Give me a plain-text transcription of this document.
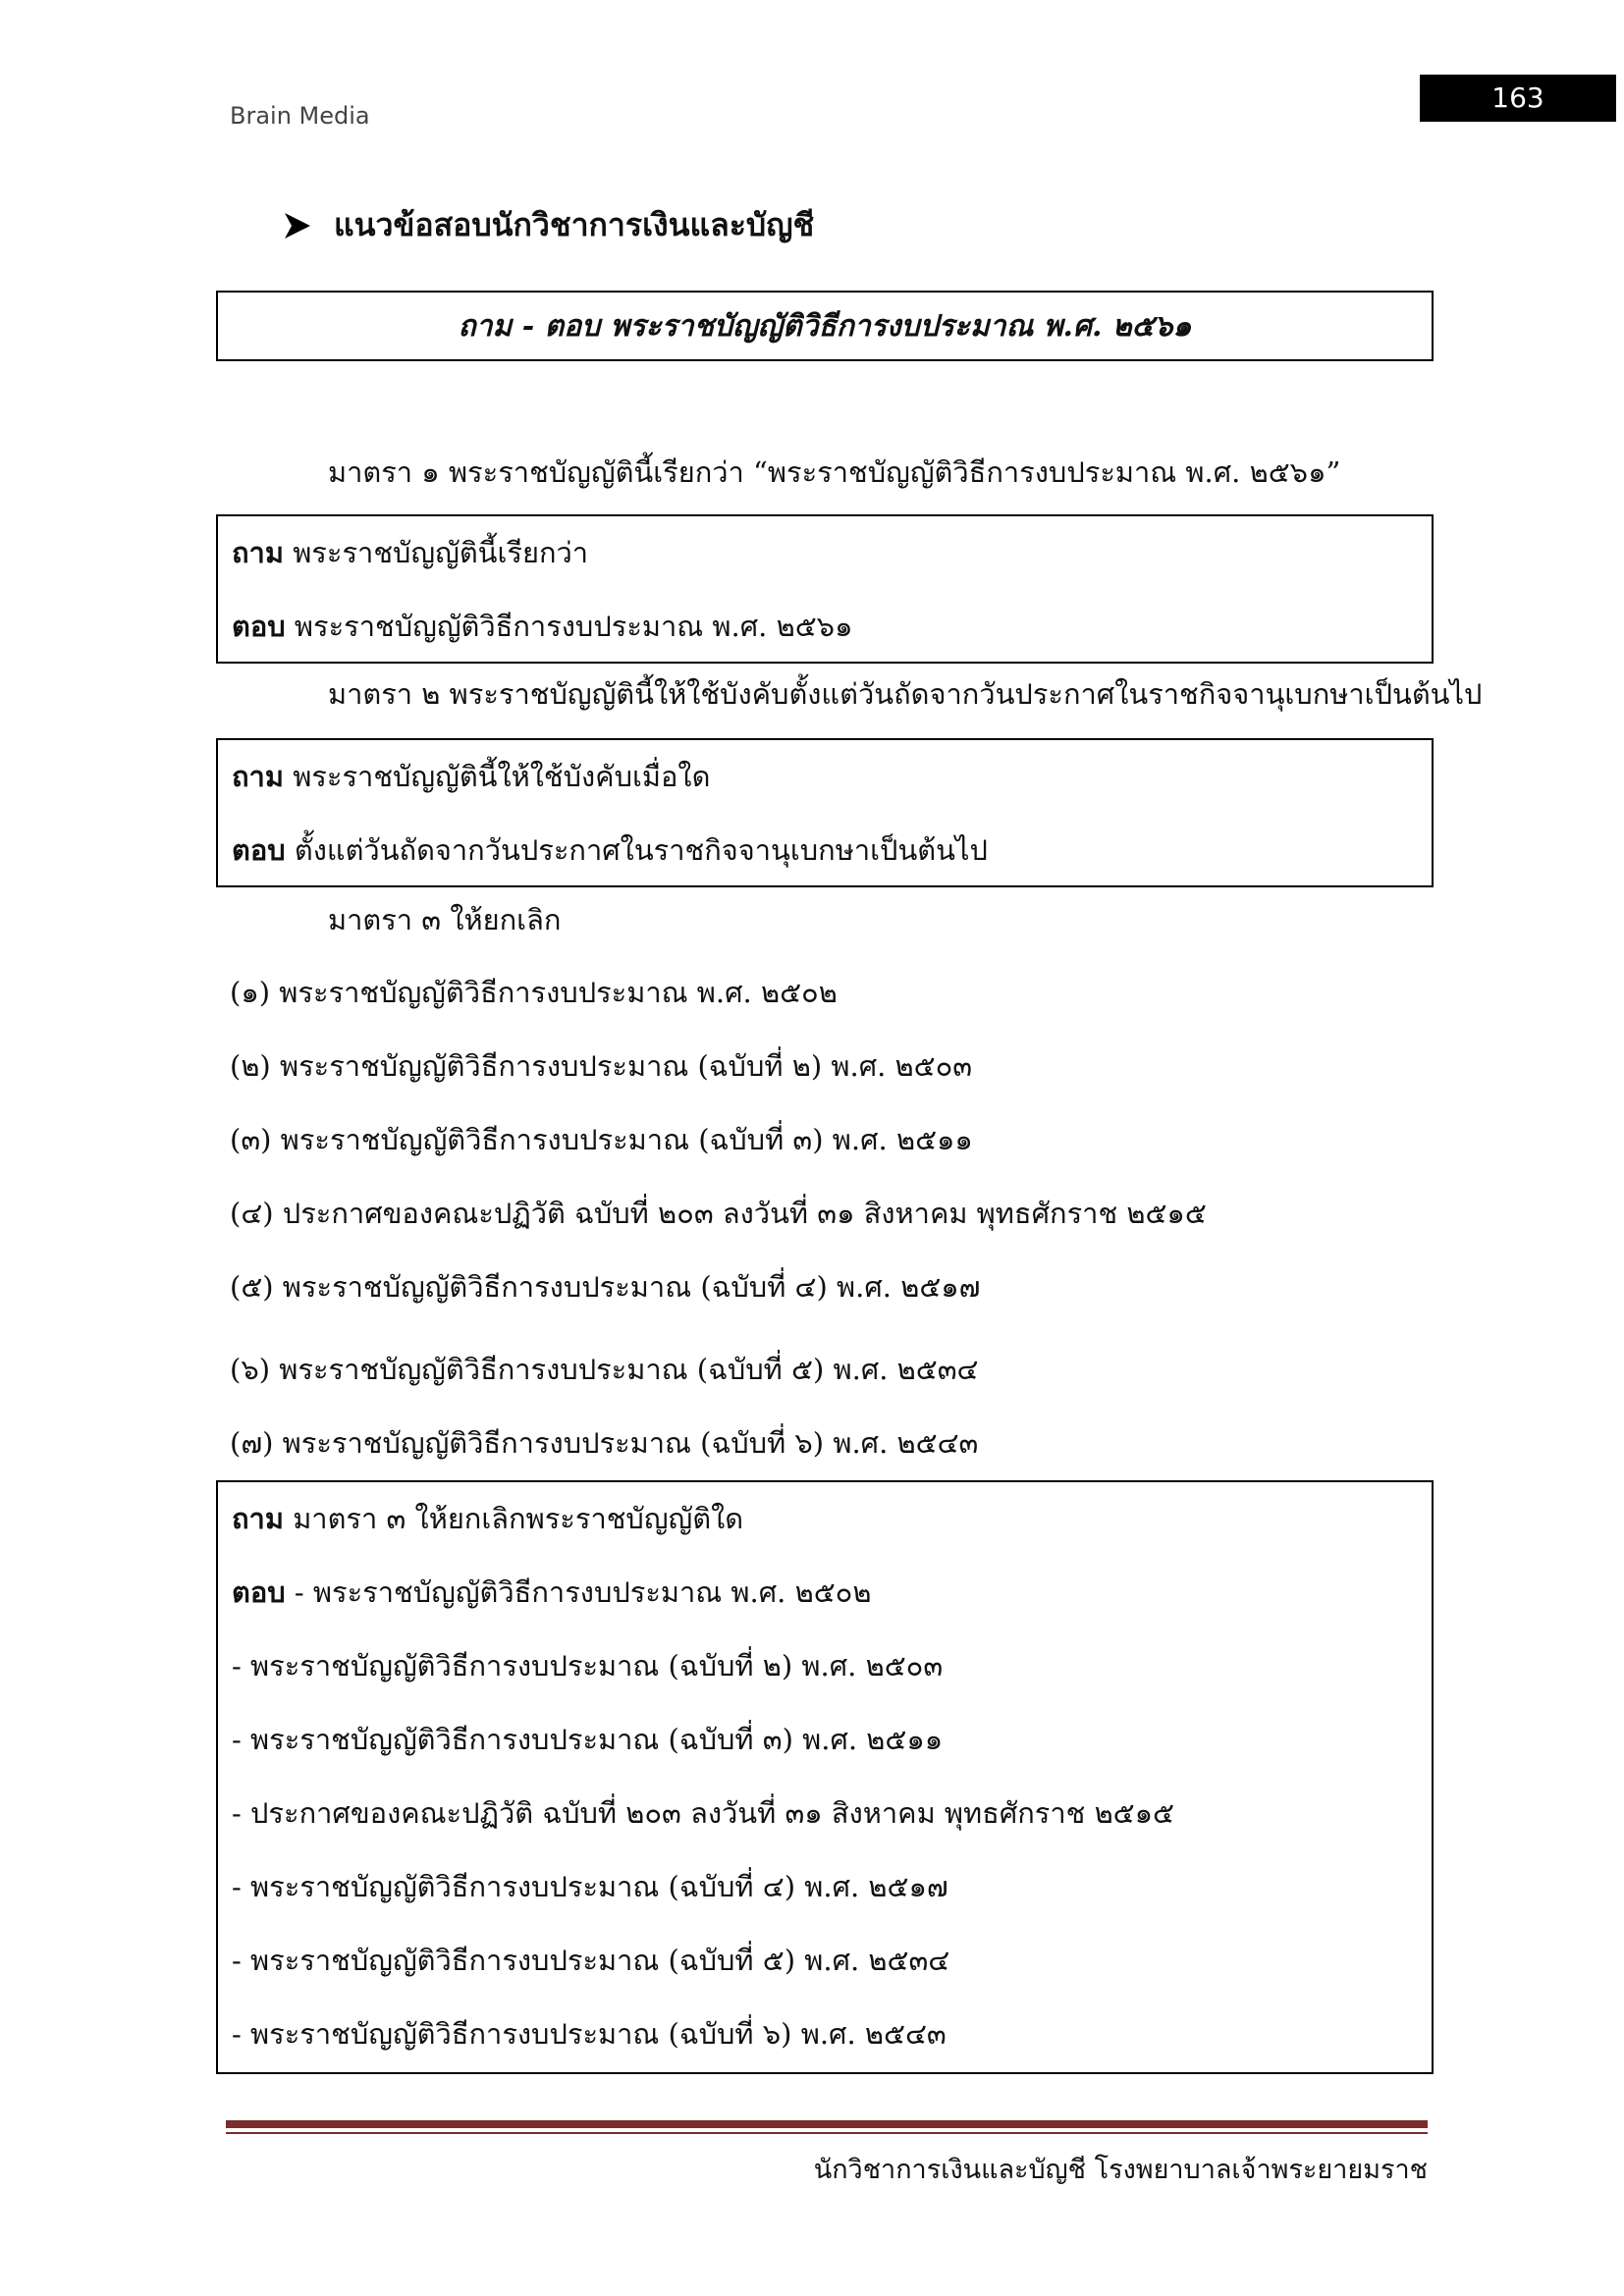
Brain Media
163
แนวข้อสอบนักวิชาการเงินและบัญชี
ถาม - ตอบ พระราชบัญญัติวิธีการงบประมาณ พ.ศ. ๒๕๖๑
มาตรา ๑ พระราชบัญญัตินี้เรียกว่า “พระราชบัญญัติวิธีการงบประมาณ พ.ศ. ๒๕๖๑”
ถาม พระราชบัญญัตินี้เรียกว่า
ตอบ พระราชบัญญัติวิธีการงบประมาณ พ.ศ. ๒๕๖๑
มาตรา ๒ พระราชบัญญัตินี้ให้ใช้บังคับตั้งแต่วันถัดจากวันประกาศในราชกิจจานุเบกษาเป็นต้นไป
ถาม พระราชบัญญัตินี้ให้ใช้บังคับเมื่อใด
ตอบ ตั้งแต่วันถัดจากวันประกาศในราชกิจจานุเบกษาเป็นต้นไป
มาตรา ๓ ให้ยกเลิก
(๑) พระราชบัญญัติวิธีการงบประมาณ พ.ศ. ๒๕๐๒
(๒) พระราชบัญญัติวิธีการงบประมาณ (ฉบับที่ ๒) พ.ศ. ๒๕๐๓
(๓) พระราชบัญญัติวิธีการงบประมาณ (ฉบับที่ ๓) พ.ศ. ๒๕๑๑
(๔) ประกาศของคณะปฏิวัติ ฉบับที่ ๒๐๓ ลงวันที่ ๓๑ สิงหาคม พุทธศักราช ๒๕๑๕
(๕) พระราชบัญญัติวิธีการงบประมาณ (ฉบับที่ ๔) พ.ศ. ๒๕๑๗
(๖) พระราชบัญญัติวิธีการงบประมาณ (ฉบับที่ ๕) พ.ศ. ๒๕๓๔
(๗) พระราชบัญญัติวิธีการงบประมาณ (ฉบับที่ ๖) พ.ศ. ๒๕๔๓
ถาม มาตรา ๓ ให้ยกเลิกพระราชบัญญัติใด
ตอบ - พระราชบัญญัติวิธีการงบประมาณ พ.ศ. ๒๕๐๒
- พระราชบัญญัติวิธีการงบประมาณ (ฉบับที่ ๒) พ.ศ. ๒๕๐๓
- พระราชบัญญัติวิธีการงบประมาณ (ฉบับที่ ๓) พ.ศ. ๒๕๑๑
- ประกาศของคณะปฏิวัติ ฉบับที่ ๒๐๓ ลงวันที่ ๓๑ สิงหาคม พุทธศักราช ๒๕๑๕
- พระราชบัญญัติวิธีการงบประมาณ (ฉบับที่ ๔) พ.ศ. ๒๕๑๗
- พระราชบัญญัติวิธีการงบประมาณ (ฉบับที่ ๕) พ.ศ. ๒๕๓๔
- พระราชบัญญัติวิธีการงบประมาณ (ฉบับที่ ๖) พ.ศ. ๒๕๔๓
นักวิชาการเงินและบัญชี โรงพยาบาลเจ้าพระยายมราช
